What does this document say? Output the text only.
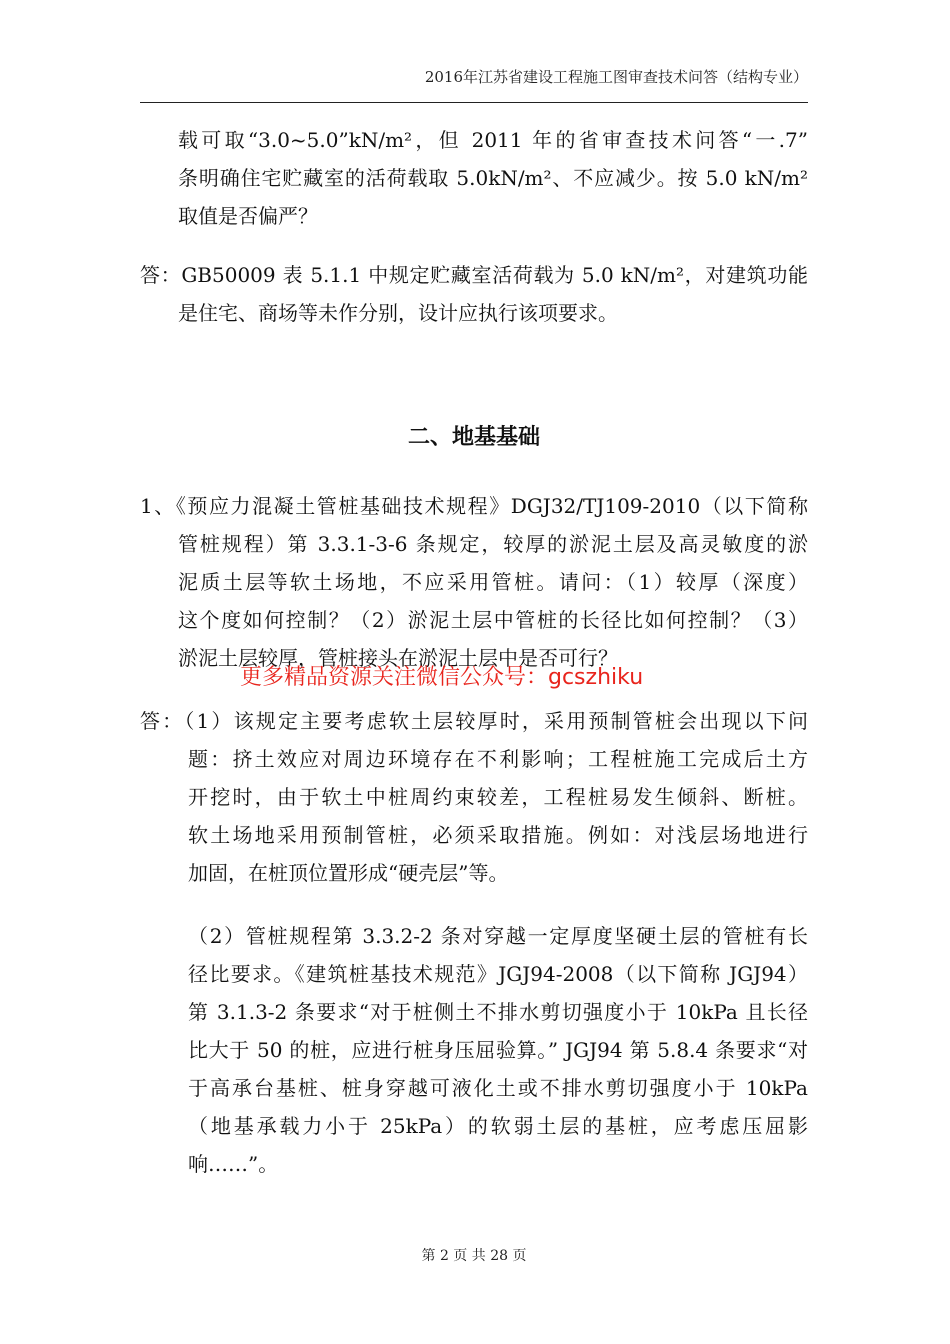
2016年江苏省建设工程施工图审查技术问答（结构专业）
载可取“3.0~5.0”kN/m²，但 2011 年的省审查技术问答“一.7”
条明确住宅贮藏室的活荷载取 5.0kN/m²、不应减少。按 5.0 kN/m²
取值是否偏严？
答：GB50009 表 5.1.1 中规定贮藏室活荷载为 5.0 kN/m²，对建筑功能
是住宅、商场等未作分别，设计应执行该项要求。
二、地基基础
1、《预应力混凝土管桩基础技术规程》DGJ32/TJ109-2010（以下简称
管桩规程）第 3.3.1-3-6 条规定，较厚的淤泥土层及高灵敏度的淤
泥质土层等软土场地，不应采用管桩。请问：（1）较厚（深度）
这个度如何控制？（2）淤泥土层中管桩的长径比如何控制？（3）
淤泥土层较厚，管桩接头在淤泥土层中是否可行？
更多精品资源关注微信公众号：gcszhiku
答：（1）该规定主要考虑软土层较厚时，采用预制管桩会出现以下问
题：挤土效应对周边环境存在不利影响；工程桩施工完成后土方
开挖时，由于软土中桩周约束较差，工程桩易发生倾斜、断桩。
软土场地采用预制管桩，必须采取措施。例如：对浅层场地进行
加固，在桩顶位置形成“硬壳层”等。
（2）管桩规程第 3.3.2-2 条对穿越一定厚度坚硬土层的管桩有长
径比要求。《建筑桩基技术规范》JGJ94-2008（以下简称 JGJ94）
第 3.1.3-2 条要求“对于桩侧土不排水剪切强度小于 10kPa 且长径
比大于 50 的桩，应进行桩身压屈验算。” JGJ94 第 5.8.4 条要求“对
于高承台基桩、桩身穿越可液化土或不排水剪切强度小于 10kPa
（地基承载力小于 25kPa）的软弱土层的基桩，应考虑压屈影
响……”。
第 2 页 共 28 页
